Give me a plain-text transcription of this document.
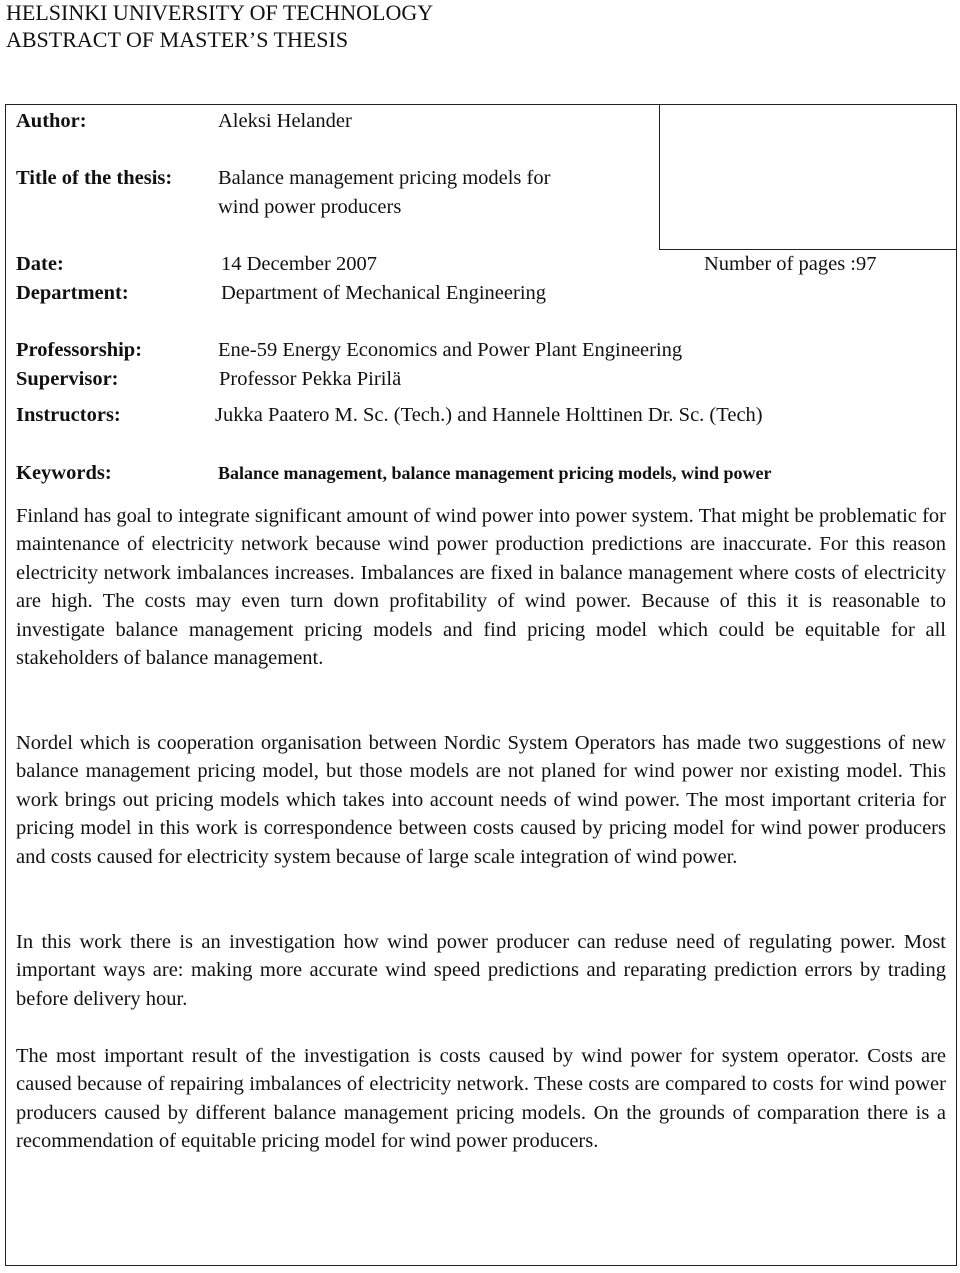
HELSINKI UNIVERSITY OF TECHNOLOGY
ABSTRACT OF MASTER’S THESIS
Author:	Aleksi Helander
Title of the thesis: Balance management pricing models for
wind power producers
Date:	14 December 2007	Number of pages :97
Department:	Department of Mechanical Engineering
Professorship:	Ene-59 Energy Economics and Power Plant Engineering
Supervisor:	Professor Pekka Pirilä
Instructors:	Jukka Paatero M. Sc. (Tech.) and Hannele Holttinen Dr. Sc. (Tech)
Keywords:	Balance management, balance management pricing models, wind power
Finland has goal to integrate significant amount of wind power into power system. That might be problematic for maintenance of electricity network because wind power production predictions are inaccurate. For this reason electricity network imbalances increases. Imbalances are fixed in balance management where costs of electricity are high. The costs may even turn down profitability of wind power. Because of this it is reasonable to investigate balance management pricing models and find pricing model which could be equitable for all stakeholders of balance management.
Nordel which is cooperation organisation between Nordic System Operators has made two suggestions of new balance management pricing model, but those models are not planed for wind power nor existing model. This work brings out pricing models which takes into account needs of wind power. The most important criteria for pricing model in this work is correspondence between costs caused by pricing model for wind power producers and costs caused for electricity system because of large scale integration of wind power.
In this work there is an investigation how wind power producer can reduse need of regulating power. Most important ways are: making more accurate wind speed predictions and reparating prediction errors by trading before delivery hour.
The most important result of the investigation is costs caused by wind power for system operator. Costs are caused because of repairing imbalances of electricity network. These costs are compared to costs for wind power producers caused by different balance management pricing models. On the grounds of comparation there is a recommendation of equitable pricing model for wind power producers.
